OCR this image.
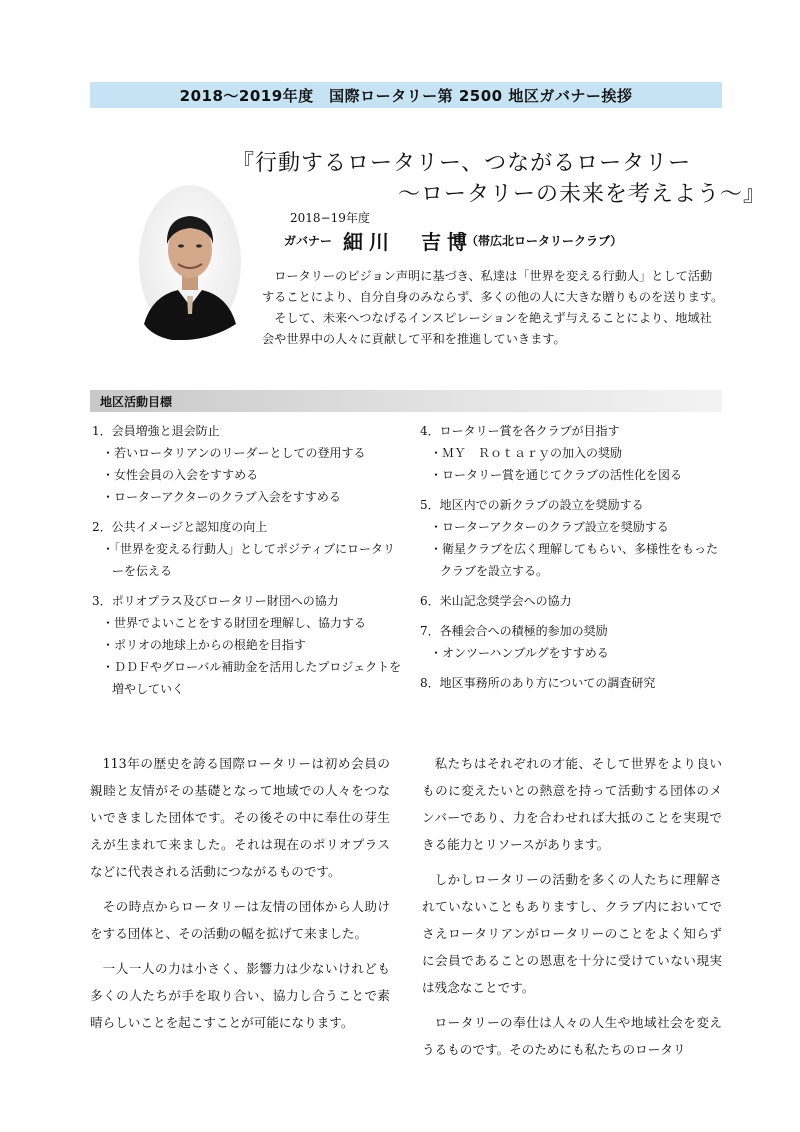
2018～2019年度　国際ロータリー第 2500 地区ガバナー挨拶
『行動するロータリー、つながるロータリー
～ロータリーの未来を考えよう～』
2018−19年度
ガバナー 細川　吉博
（帯広北ロータリークラブ）

ロータリーのビジョン声明に基づき、私達は「世界を変える行動人」として活動することにより、自分自身のみならず、多くの他の人に大きな贈りものを送ります。

そして、未来へつなげるインスピレーションを絶えず与えることにより、地域社会や世界中の人々に貢献して平和を推進していきます。

地区活動目標
1．会員増強と退会防止
・若いロータリアンのリーダーとしての登用する
・女性会員の入会をすすめる
・ローターアクターのクラブ入会をすすめる
2．公共イメージと認知度の向上
・「世界を変える行動人」としてポジティブにロータリーを伝える
3．ポリオプラス及びロータリー財団への協力
・世界でよいことをする財団を理解し、協力する
・ポリオの地球上からの根絶を目指す
・ＤＤＦやグローバル補助金を活用したプロジェクトを増やしていく
4．ロータリー賞を各クラブが目指す
・ＭＹ　Ｒｏｔａｒｙの加入の奨励
・ロータリー賞を通じてクラブの活性化を図る
5．地区内での新クラブの設立を奨励する
・ローターアクターのクラブ設立を奨励する
・衛星クラブを広く理解してもらい、多様性をもったクラブを設立する。
6．米山記念奨学会への協力
7．各種会合への積極的参加の奨励
・オンツーハンブルグをすすめる
8．地区事務所のあり方についての調査研究

113年の歴史を誇る国際ロータリーは初め会員の親睦と友情がその基礎となって地域での人々をつないできました団体です。その後その中に奉仕の芽生えが生まれて来ました。それは現在のポリオプラスなどに代表される活動につながるものです。

その時点からロータリーは友情の団体から人助けをする団体と、その活動の幅を拡げて来ました。

一人一人の力は小さく、影響力は少ないけれども多くの人たちが手を取り合い、協力し合うことで素晴らしいことを起こすことが可能になります。

私たちはそれぞれの才能、そして世界をより良いものに変えたいとの熱意を持って活動する団体のメンバーであり、力を合わせれば大抵のことを実現できる能力とリソースがあります。

しかしロータリーの活動を多くの人たちに理解されていないこともありますし、クラブ内においてでさえロータリアンがロータリーのことをよく知らずに会員であることの恩恵を十分に受けていない現実は残念なことです。

ロータリーの奉仕は人々の人生や地域社会を変えうるものです。そのためにも私たちのロータリ
